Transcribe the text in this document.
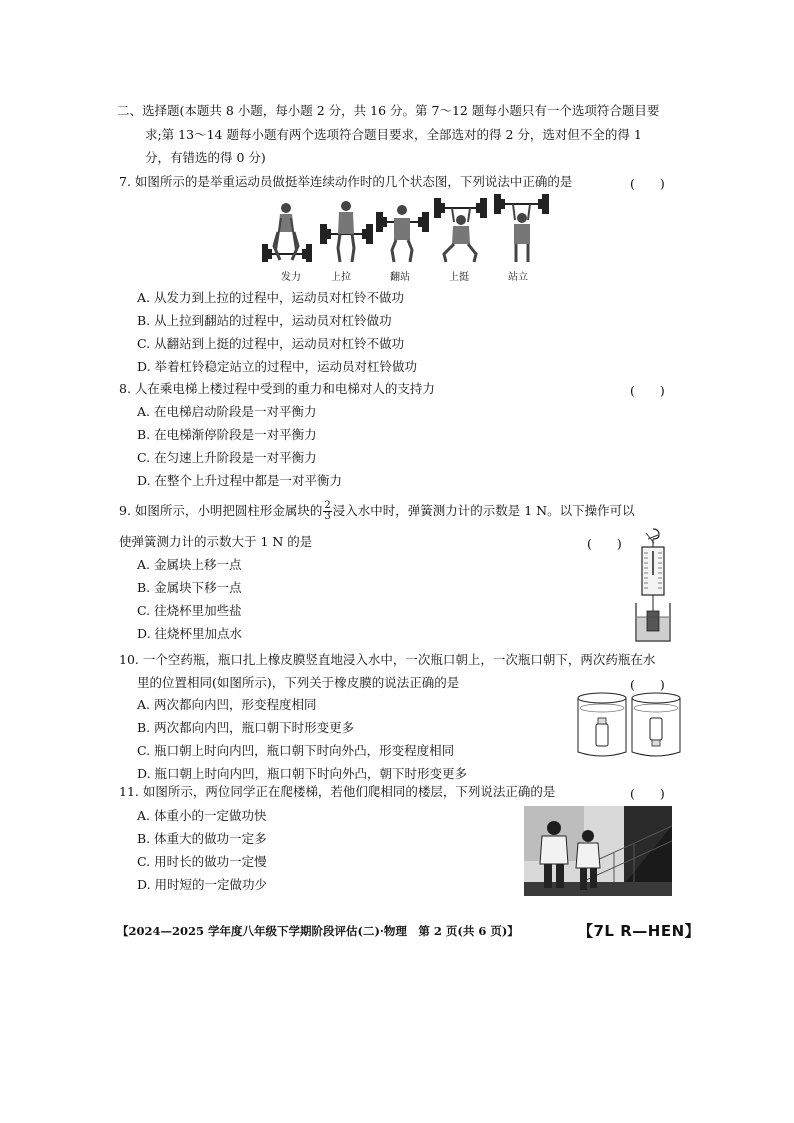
二、选择题(本题共 8 小题，每小题 2 分，共 16 分。第 7～12 题每小题只有一个选项符合题目要
求;第 13～14 题每小题有两个选项符合题目要求，全部选对的得 2 分，选对但不全的得 1
分，有错选的得 0 分)
7. 如图所示的是举重运动员做挺举连续动作时的几个状态图，下列说法中正确的是	(　　)
发力	上拉	翻站	上挺	站立
A. 从发力到上拉的过程中，运动员对杠铃不做功
B. 从上拉到翻站的过程中，运动员对杠铃做功
C. 从翻站到上挺的过程中，运动员对杠铃不做功
D. 举着杠铃稳定站立的过程中，运动员对杠铃做功
8. 人在乘电梯上楼过程中受到的重力和电梯对人的支持力	(　　)
A. 在电梯启动阶段是一对平衡力
B. 在电梯渐停阶段是一对平衡力
C. 在匀速上升阶段是一对平衡力
D. 在整个上升过程中都是一对平衡力
9. 如图所示，小明把圆柱形金属块的 $\frac{2}{3}$ 浸入水中时，弹簧测力计的示数是 1 N。以下操作可以
使弹簧测力计的示数大于 1 N 的是	(　　)
A. 金属块上移一点
B. 金属块下移一点
C. 往烧杯里加些盐
D. 往烧杯里加点水
10. 一个空药瓶，瓶口扎上橡皮膜竖直地浸入水中，一次瓶口朝上，一次瓶口朝下，两次药瓶在水
里的位置相同(如图所示)，下列关于橡皮膜的说法正确的是	(　　)
A. 两次都向内凹，形变程度相同
B. 两次都向内凹，瓶口朝下时形变更多
C. 瓶口朝上时向内凹，瓶口朝下时向外凸，形变程度相同
D. 瓶口朝上时向内凹，瓶口朝下时向外凸，朝下时形变更多
11. 如图所示，两位同学正在爬楼梯，若他们爬相同的楼层，下列说法正确的是	(　　)
A. 体重小的一定做功快
B. 体重大的做功一定多
C. 用时长的做功一定慢
D. 用时短的一定做功少
【2024—2025 学年度八年级下学期阶段评估(二)·物理　第 2 页(共 6 页)】	【7L R—HEN】
